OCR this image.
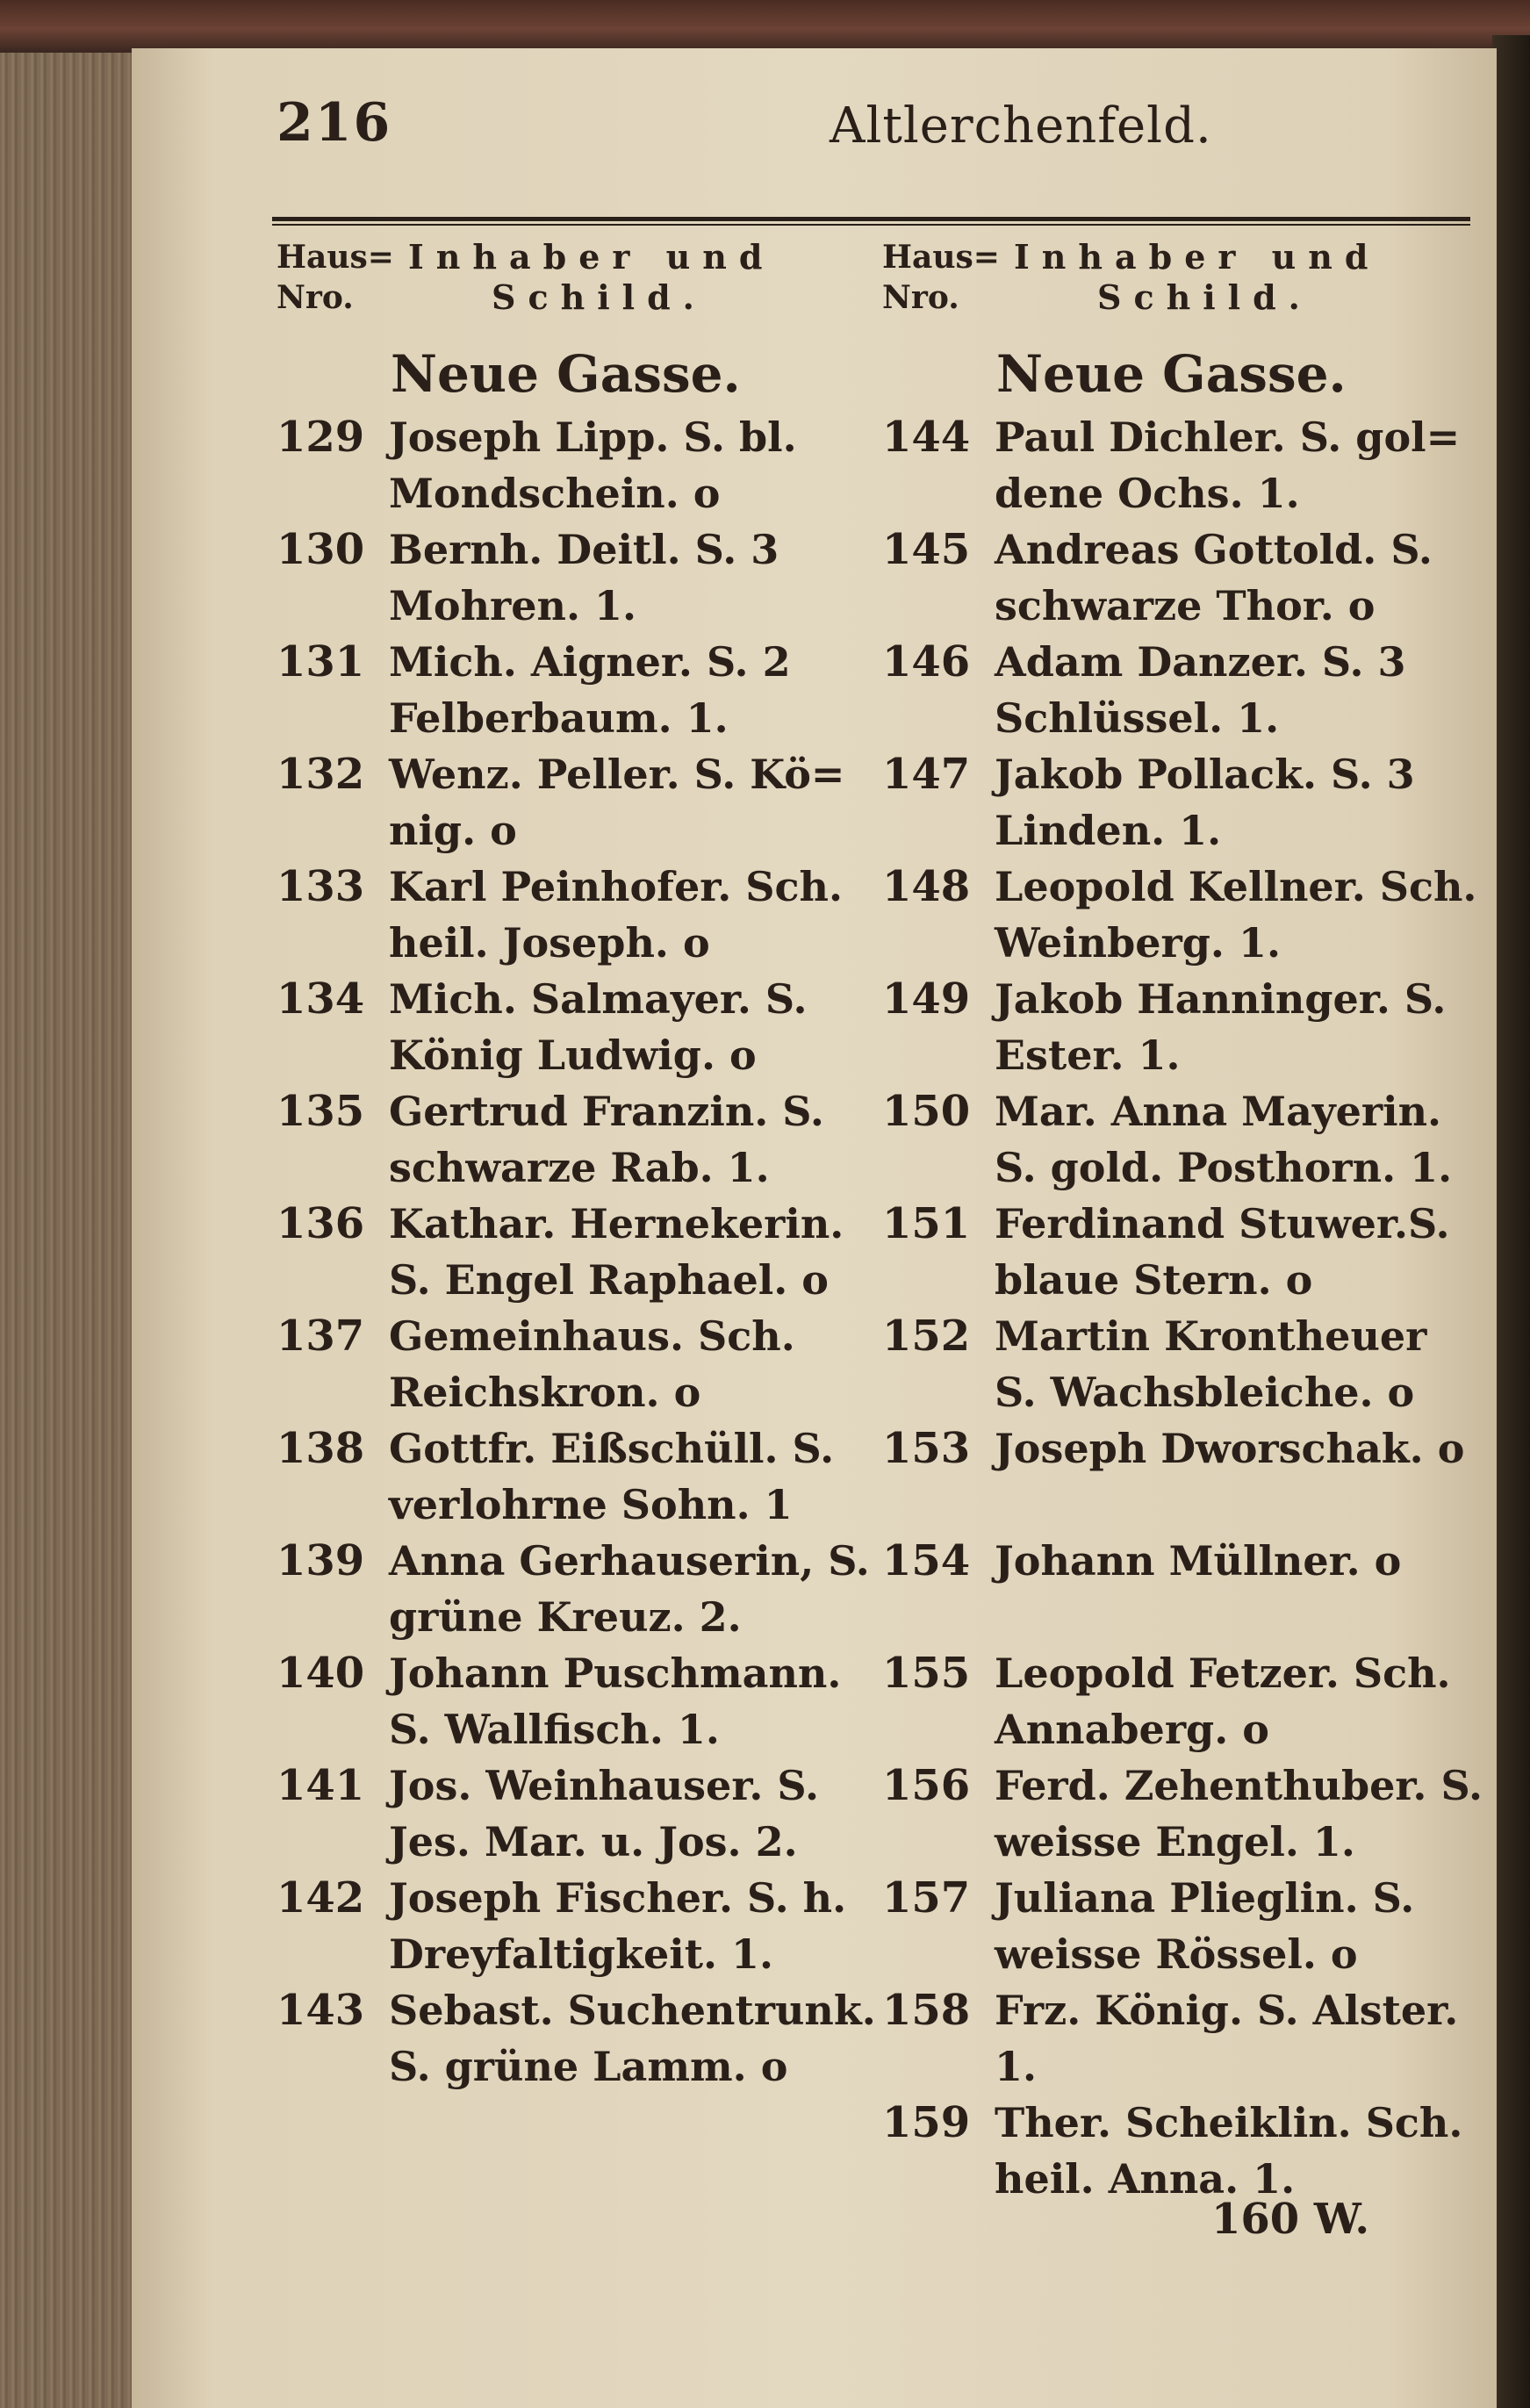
216	Altlerchenfeld.
Haus=
Nro.
Inhaber und
Schild.
Neue Gasse.
129 Joseph Lipp. S. bl.
Mondschein. o
130 Bernh. Deitl. S. 3
Mohren. 1.
131 Mich. Aigner. S. 2
Felberbaum. 1.
132 Wenz. Peller. S. Kö=
nig. o
133 Karl Peinhofer. Sch.
heil. Joseph. o
134 Mich. Salmayer. S.
König Ludwig. o
135 Gertrud Franzin. S.
schwarze Rab. 1.
136 Kathar. Hernekerin.
S. Engel Raphael. o
137 Gemeinhaus. Sch.
Reichskron. o
138 Gottfr. Eißschüll. S.
verlohrne Sohn. 1
139 Anna Gerhauserin, S.
grüne Kreuz. 2.
140 Johann Puschmann.
S. Wallfisch. 1.
141 Jos. Weinhauser. S.
Jes. Mar. u. Jos. 2.
142 Joseph Fischer. S. h.
Dreyfaltigkeit. 1.
143 Sebast. Suchentrunk.
S. grüne Lamm. o
Haus=
Nro.
Inhaber und
Schild.
Neue Gasse.
144 Paul Dichler. S. gol=
dene Ochs. 1.
145 Andreas Gottold. S.
schwarze Thor. o
146 Adam Danzer. S. 3
Schlüssel. 1.
147 Jakob Pollack. S. 3
Linden. 1.
148 Leopold Kellner. Sch.
Weinberg. 1.
149 Jakob Hanninger. S.
Ester. 1.
150 Mar. Anna Mayerin.
S. gold. Posthorn. 1.
151 Ferdinand Stuwer.S.
blaue Stern. o
152 Martin Krontheuer
S. Wachsbleiche. o
153 Joseph Dworschak. o
154 Johann Müllner. o
155 Leopold Fetzer. Sch.
Annaberg. o
156 Ferd. Zehenthuber. S.
weisse Engel. 1.
157 Juliana Plieglin. S.
weisse Rössel. o
158 Frz. König. S. Alster. 1.
159 Ther. Scheiklin. Sch.
heil. Anna. 1.
160 W.
